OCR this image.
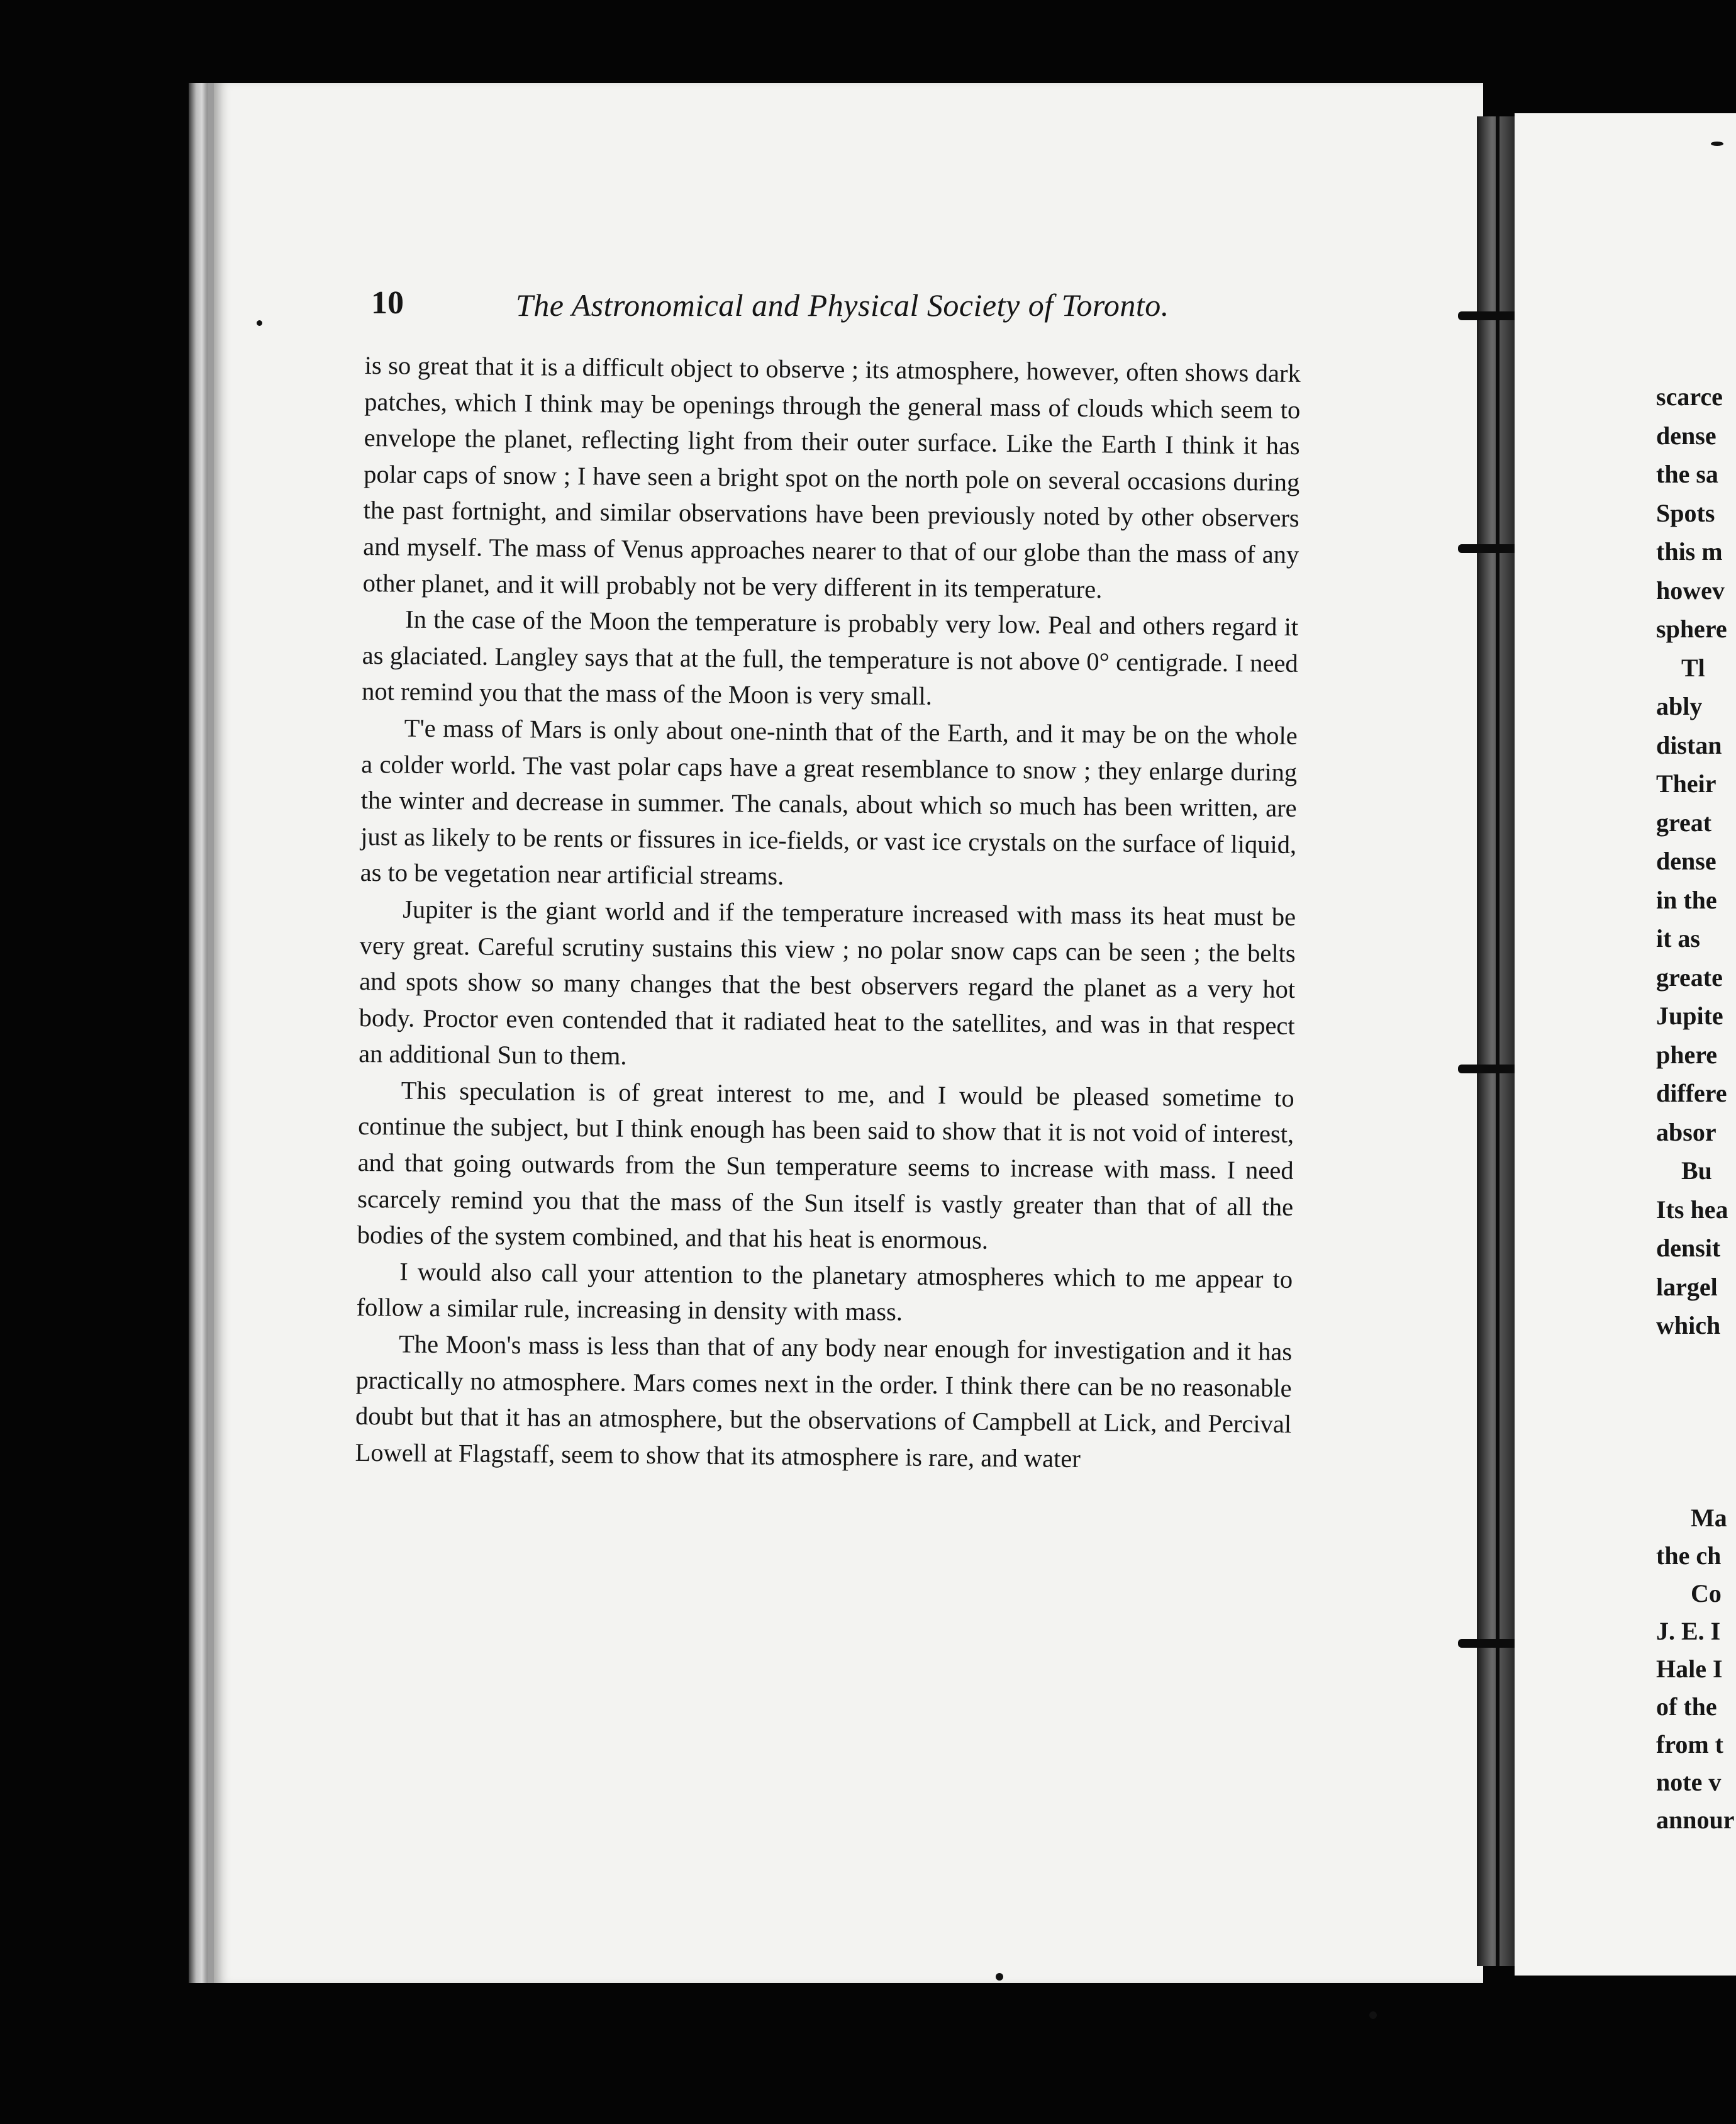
10	The Astronomical and Physical Society of Toronto.

is so great that it is a difficult object to observe ; its atmosphere, however, often shows dark patches, which I think may be openings through the general mass of clouds which seem to envelope the planet, reflecting light from their outer surface. Like the Earth I think it has polar caps of snow ; I have seen a bright spot on the north pole on several occasions during the past fortnight, and similar observations have been previously noted by other observers and myself. The mass of Venus approaches nearer to that of our globe than the mass of any other planet, and it will probably not be very different in its temperature.

In the case of the Moon the temperature is probably very low. Peal and others regard it as glaciated. Langley says that at the full, the temperature is not above 0° centigrade. I need not remind you that the mass of the Moon is very small.

T'e mass of Mars is only about one-ninth that of the Earth, and it may be on the whole a colder world. The vast polar caps have a great resemblance to snow ; they enlarge during the winter and decrease in summer. The canals, about which so much has been written, are just as likely to be rents or fissures in ice-fields, or vast ice crystals on the surface of liquid, as to be vegetation near artificial streams.

Jupiter is the giant world and if the temperature increased with mass its heat must be very great. Careful scrutiny sustains this view ; no polar snow caps can be seen ; the belts and spots show so many changes that the best observers regard the planet as a very hot body. Proctor even contended that it radiated heat to the satellites, and was in that respect an additional Sun to them.

This speculation is of great interest to me, and I would be pleased sometime to continue the subject, but I think enough has been said to show that it is not void of interest, and that going outwards from the Sun temperature seems to increase with mass. I need scarcely remind you that the mass of the Sun itself is vastly greater than that of all the bodies of the system combined, and that his heat is enormous.

I would also call your attention to the planetary atmospheres which to me appear to follow a similar rule, increasing in density with mass.

The Moon's mass is less than that of any body near enough for investigation and it has practically no atmosphere. Mars comes next in the order. I think there can be no reasonable doubt but that it has an atmosphere, but the observations of Campbell at Lick, and Percival Lowell at Flagstaff, seem to show that its atmosphere is rare, and water

scarce
dense
the sa
Spots
this m
howev
sphere
Tl
ably
distan
Their
great
dense
in the
it as
greate
Jupite
phere
differe
absor
Bu
Its hea
densit
largel
which
Ma
the ch
Co
J. E. I
Hale I
of the
from t
note v
annour
